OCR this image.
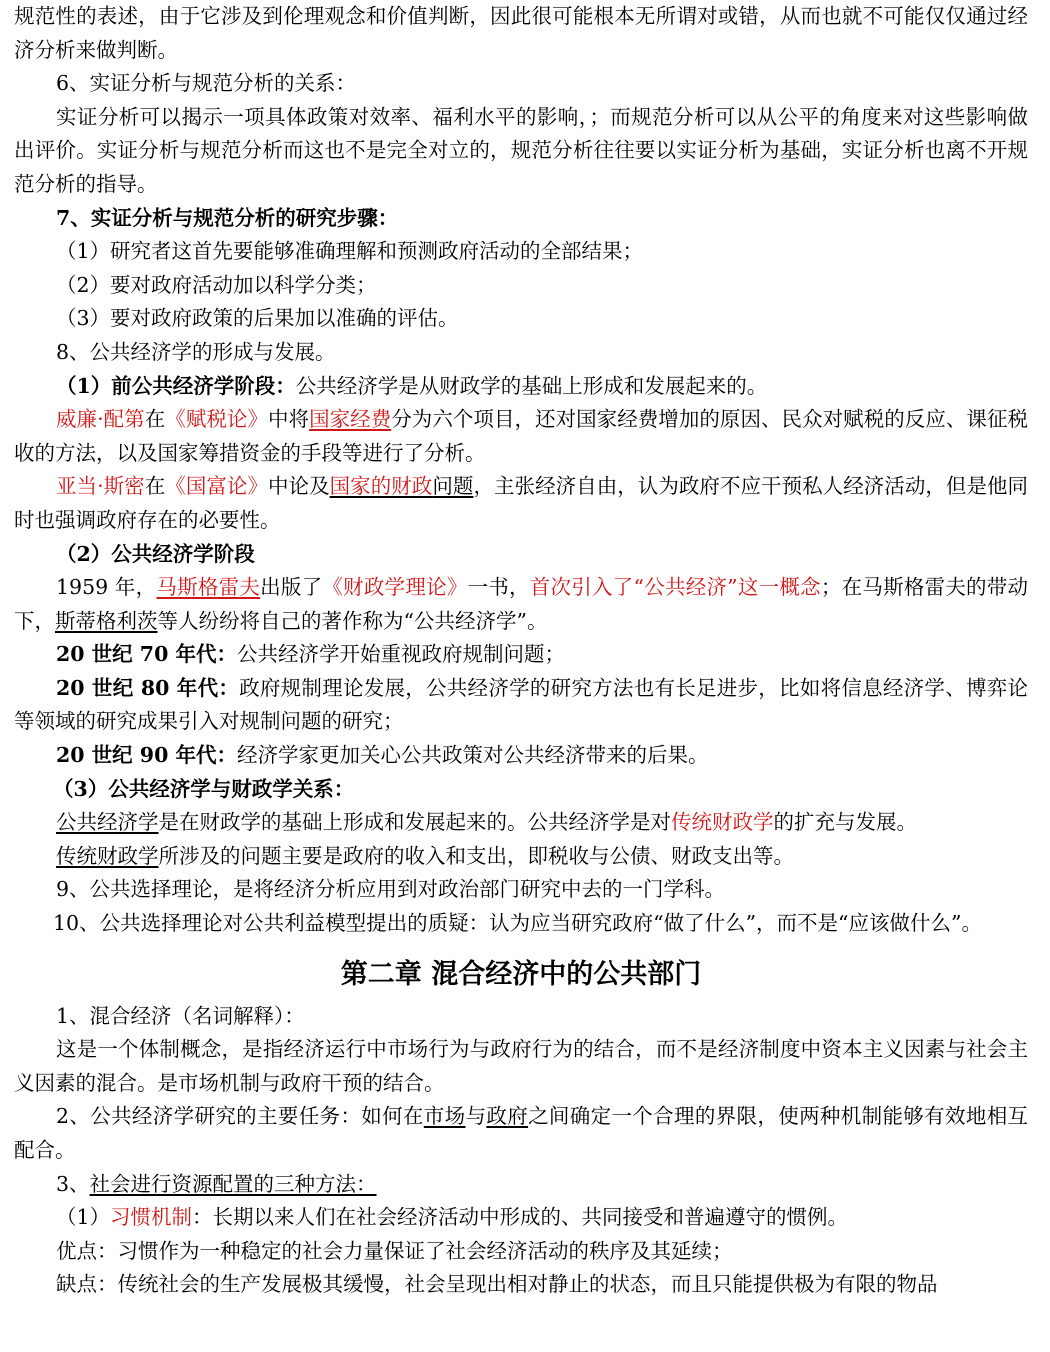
规范性的表述，由于它涉及到伦理观念和价值判断，因此很可能根本无所谓对或错，从而也就不可能仅仅通过经济分析来做判断。

6、实证分析与规范分析的关系：

实证分析可以揭示一项具体政策对效率、福利水平的影响，；而规范分析可以从公平的角度来对这些影响做出评价。实证分析与规范分析而这也不是完全对立的，规范分析往往要以实证分析为基础，实证分析也离不开规范分析的指导。

7、实证分析与规范分析的研究步骤：

（1）研究者这首先要能够准确理解和预测政府活动的全部结果；

（2）要对政府活动加以科学分类；

（3）要对政府政策的后果加以准确的评估。

8、公共经济学的形成与发展。

（1）前公共经济学阶段：公共经济学是从财政学的基础上形成和发展起来的。

威廉·配第在《赋税论》中将国家经费分为六个项目，还对国家经费增加的原因、民众对赋税的反应、课征税收的方法，以及国家筹措资金的手段等进行了分析。

亚当·斯密在《国富论》中论及国家的财政问题，主张经济自由，认为政府不应干预私人经济活动，但是他同时也强调政府存在的必要性。

（2）公共经济学阶段

1959 年，马斯格雷夫出版了《财政学理论》一书，首次引入了“公共经济”这一概念；在马斯格雷夫的带动下，斯蒂格利茨等人纷纷将自己的著作称为“公共经济学”。

20 世纪 70 年代：公共经济学开始重视政府规制问题；

20 世纪 80 年代：政府规制理论发展，公共经济学的研究方法也有长足进步，比如将信息经济学、博弈论等领域的研究成果引入对规制问题的研究；

20 世纪 90 年代：经济学家更加关心公共政策对公共经济带来的后果。

（3）公共经济学与财政学关系：

公共经济学是在财政学的基础上形成和发展起来的。公共经济学是对传统财政学的扩充与发展。

传统财政学所涉及的问题主要是政府的收入和支出，即税收与公债、财政支出等。

9、公共选择理论，是将经济分析应用到对政治部门研究中去的一门学科。

10、公共选择理论对公共利益模型提出的质疑：认为应当研究政府“做了什么”，而不是“应该做什么”。

第二章 混合经济中的公共部门

1、混合经济（名词解释）：

这是一个体制概念，是指经济运行中市场行为与政府行为的结合，而不是经济制度中资本主义因素与社会主义因素的混合。是市场机制与政府干预的结合。

2、公共经济学研究的主要任务：如何在市场与政府之间确定一个合理的界限，使两种机制能够有效地相互配合。

3、社会进行资源配置的三种方法：

（1）习惯机制：长期以来人们在社会经济活动中形成的、共同接受和普遍遵守的惯例。

优点：习惯作为一种稳定的社会力量保证了社会经济活动的秩序及其延续；

缺点：传统社会的生产发展极其缓慢，社会呈现出相对静止的状态，而且只能提供极为有限的物品
